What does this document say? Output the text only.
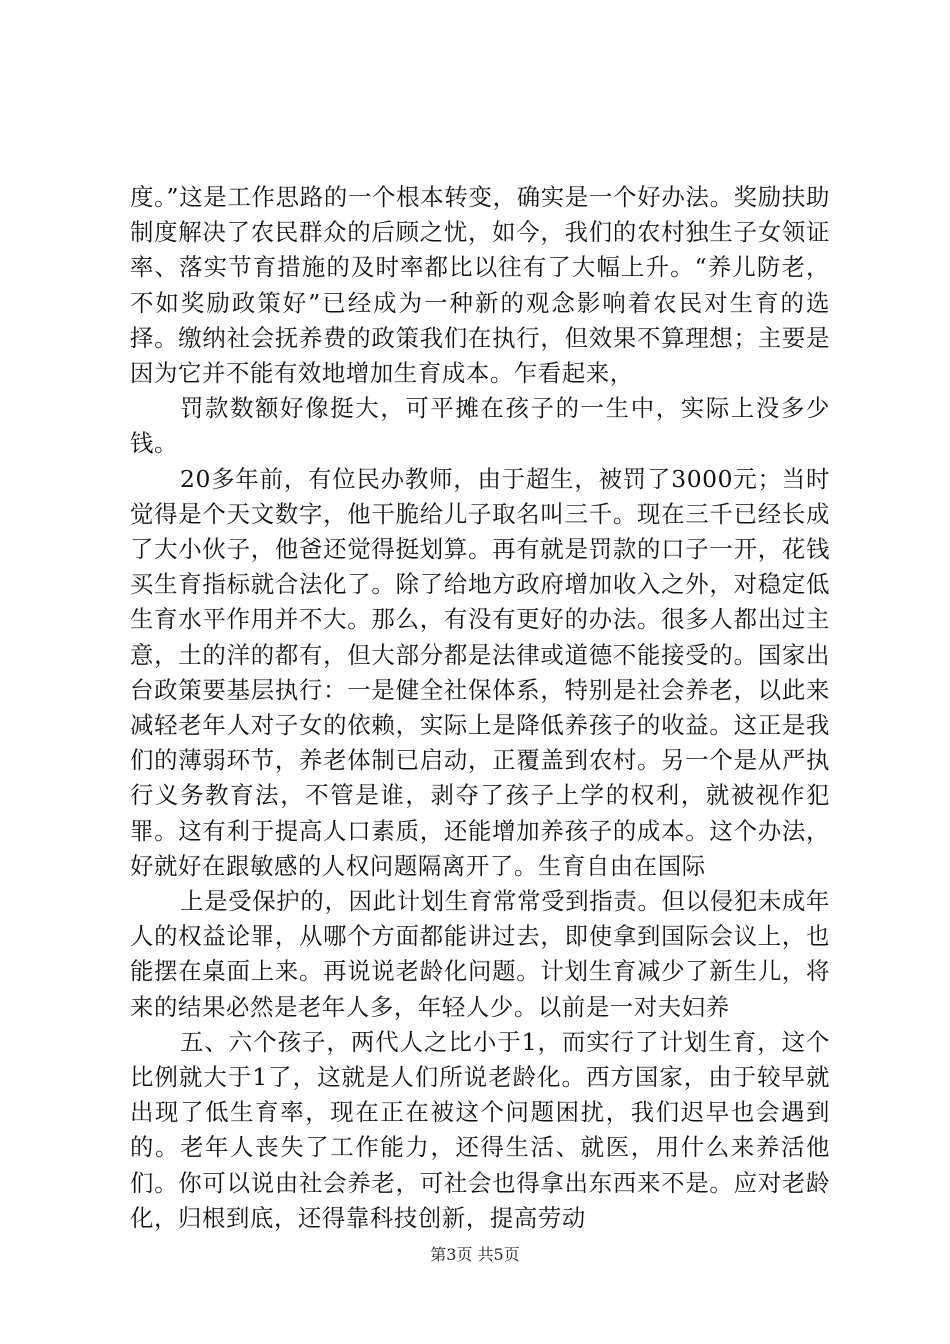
度。”这是工作思路的一个根本转变，确实是一个好办法。奖励扶助制度解决了农民群众的后顾之忧，如今，我们的农村独生子女领证率、落实节育措施的及时率都比以往有了大幅上升。“养儿防老，不如奖励政策好”已经成为一种新的观念影响着农民对生育的选择。缴纳社会抚养费的政策我们在执行，但效果不算理想；主要是因为它并不能有效地增加生育成本。乍看起来，

罚款数额好像挺大，可平摊在孩子的一生中，实际上没多少钱。

20多年前，有位民办教师，由于超生，被罚了3000元；当时觉得是个天文数字，他干脆给儿子取名叫三千。现在三千已经长成了大小伙子，他爸还觉得挺划算。再有就是罚款的口子一开，花钱买生育指标就合法化了。除了给地方政府增加收入之外，对稳定低生育水平作用并不大。那么，有没有更好的办法。很多人都出过主意，土的洋的都有，但大部分都是法律或道德不能接受的。国家出台政策要基层执行：一是健全社保体系，特别是社会养老，以此来减轻老年人对子女的依赖，实际上是降低养孩子的收益。这正是我们的薄弱环节，养老体制已启动，正覆盖到农村。另一个是从严执行义务教育法，不管是谁，剥夺了孩子上学的权利，就被视作犯罪。这有利于提高人口素质，还能增加养孩子的成本。这个办法，好就好在跟敏感的人权问题隔离开了。生育自由在国际

上是受保护的，因此计划生育常常受到指责。但以侵犯未成年人的权益论罪，从哪个方面都能讲过去，即使拿到国际会议上，也能摆在桌面上来。再说说老龄化问题。计划生育减少了新生儿，将来的结果必然是老年人多，年轻人少。以前是一对夫妇养

五、六个孩子，两代人之比小于1，而实行了计划生育，这个比例就大于1了，这就是人们所说老龄化。西方国家，由于较早就出现了低生育率，现在正在被这个问题困扰，我们迟早也会遇到的。老年人丧失了工作能力，还得生活、就医，用什么来养活他们。你可以说由社会养老，可社会也得拿出东西来不是。应对老龄化，归根到底，还得靠科技创新，提高劳动

第3页 共5页
